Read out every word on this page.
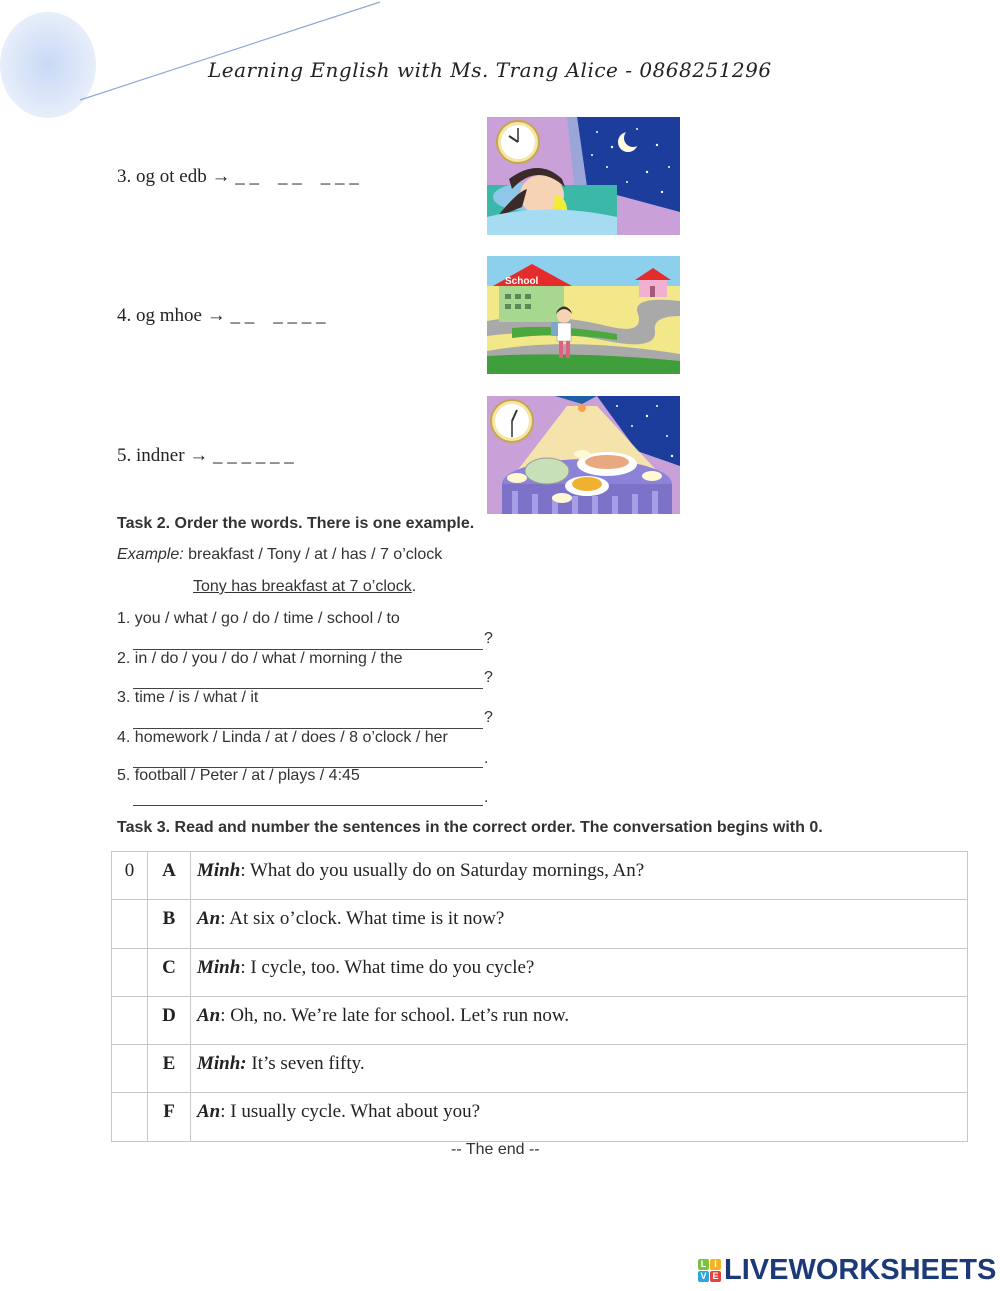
Learning English with Ms. Trang Alice - 0868251296
3. og ot edb → _ _    _ _    _ _ _
4. og mhoe → _ _    _ _ _ _
5. indner → _ _ _ _ _ _
School
Task 2. Order the words. There is one example.
Example: breakfast / Tony / at / has / 7 o’clock
Tony has breakfast at 7 o’clock.
1. you / what / go / do / time / school / to
?
2. in / do / you / do / what / morning / the
?
3. time / is / what / it
?
4. homework / Linda / at / does / 8 o’clock / her
.
5. football / Peter / at / plays / 4:45
.
Task 3. Read and number the sentences in the correct order. The conversation begins with 0.
0	A	Minh: What do you usually do on Saturday mornings, An?
	B	An: At six o’clock. What time is it now?
	C	Minh: I cycle, too. What time do you cycle?
	D	An: Oh, no. We’re late for school. Let’s run now.
	E	Minh: It’s seven fifty.
	F	An: I usually cycle. What about you?
-- The end --
L I
V E LIVEWORKSHEETS
